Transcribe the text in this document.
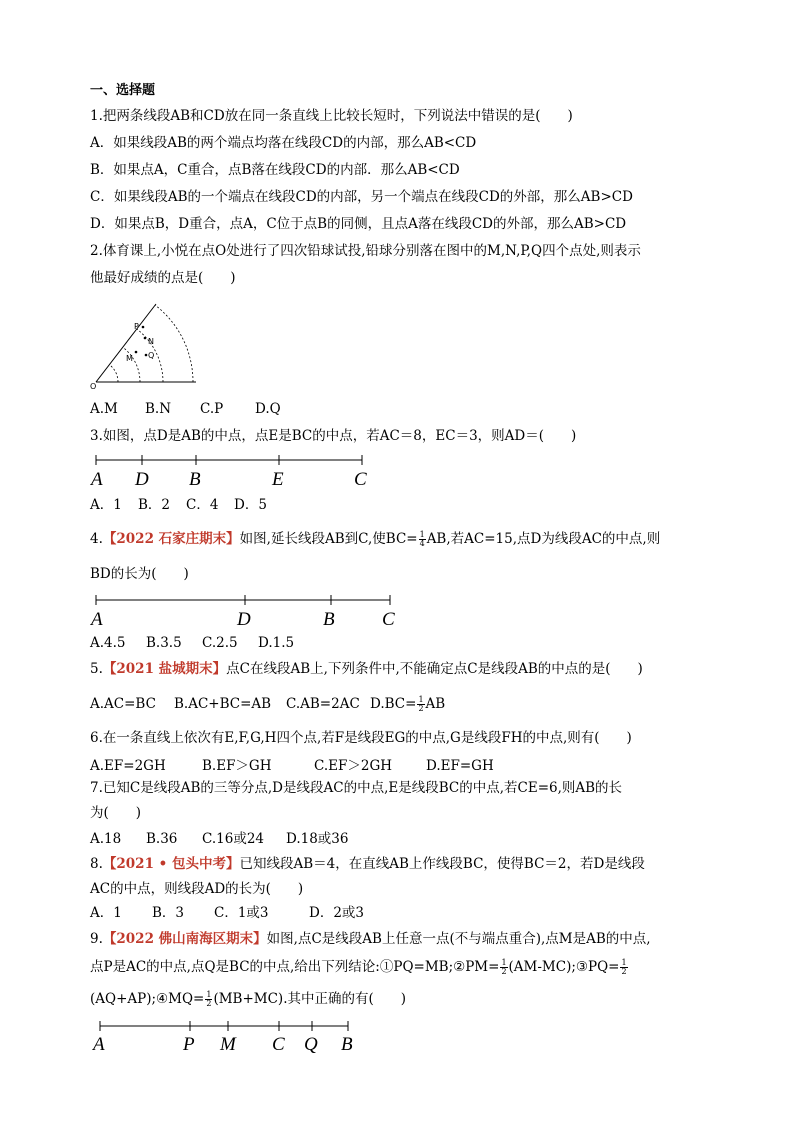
一、选择题
1.把两条线段AB和CD放在同一条直线上比较长短时，下列说法中错误的是(　　)
A．如果线段AB的两个端点均落在线段CD的内部，那么AB<CD
B．如果点A，C重合，点B落在线段CD的内部．那么AB<CD
C．如果线段AB的一个端点在线段CD的内部，另一个端点在线段CD的外部，那么AB>CD
D．如果点B，D重合，点A，C位于点B的同侧，且点A落在线段CD的外部，那么AB>CD
2.体育课上,小悦在点O处进行了四次铅球试投,铅球分别落在图中的M,N,P,Q四个点处,则表示
他最好成绩的点是(　　)
O
P
N
M Q
A.M B.N C.P D.Q
3.如图，点D是AB的中点，点E是BC的中点，若AC＝8，EC＝3，则AD＝(　　)
A D B	E	C
A．1 B．2 C．4 D．5
4.【2022 石家庄期末】如图,延长线段AB到C,使$BC= \frac{1}{4}$ AB,若AC=15,点D为线段AC的中点,则
BD的长为(　　)
A	D	B C
A.4.5 B.3.5 C.2.5 D.1.5
5.【2021 盐城期末】点C在线段AB上,下列条件中,不能确定点C是线段AB的中点的是(　　)
A.AC=BC B.AC+BC=AB C.AB=2AC $D.BC= \frac{1}{2}$ AB
6.在一条直线上依次有E,F,G,H四个点,若F是线段EG的中点,G是线段FH的中点,则有(　　)
A.EF=2GH	B.EF＞GH	C.EF＞2GH	D.EF=GH
7.已知C是线段AB的三等分点,D是线段AC的中点,E是线段BC的中点,若CE=6,则AB的长
为(　　)
A.18 B.36 C.16或24 D.18或36
8.【2021 • 包头中考】已知线段AB＝4，在直线AB上作线段BC，使得BC＝2，若D是线段
AC的中点，则线段AD的长为(　　)
A．1 B．3 C．1或3	D．2或3
9.【2022 佛山南海区期末】如图,点C是线段AB上任意一点(不与端点重合),点M是AB的中点,
点P是AC的中点,点Q是BC的中点,给出下列结论:①PQ=MB;②PM= $\frac{1}{2}$ (AM-MC);③PQ= $\frac{1}{2}$
(AQ+AP);④MQ= $\frac{1}{2} (MB+MC)$.其中正确的有(　　)
A	P M C Q B
